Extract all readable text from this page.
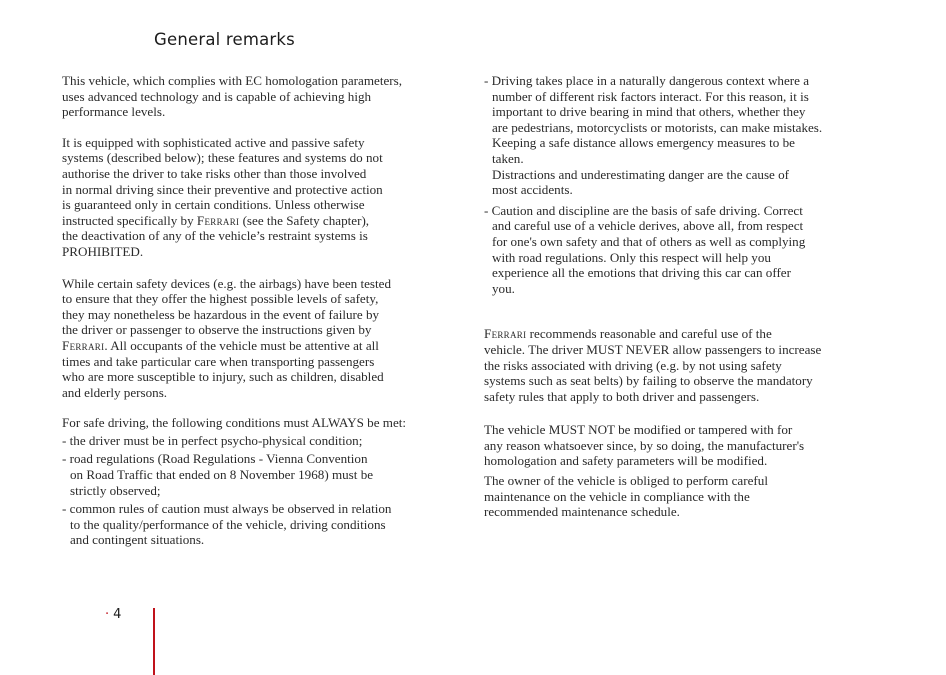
General remarks

This vehicle, which complies with EC homologation parameters,
uses advanced technology and is capable of achieving high
performance levels.

It is equipped with sophisticated active and passive safety
systems (described below); these features and systems do not
authorise the driver to take risks other than those involved
in normal driving since their preventive and protective action
is guaranteed only in certain conditions. Unless otherwise
instructed specifically by Ferrari (see the Safety chapter),
the deactivation of any of the vehicle’s restraint systems is
PROHIBITED.

While certain safety devices (e.g. the airbags) have been tested
to ensure that they offer the highest possible levels of safety,
they may nonetheless be hazardous in the event of failure by
the driver or passenger to observe the instructions given by
Ferrari. All occupants of the vehicle must be attentive at all
times and take particular care when transporting passengers
who are more susceptible to injury, such as children, disabled
and elderly persons.

For safe driving, the following conditions must ALWAYS be met:

- the driver must be in perfect psycho-physical condition;
- road regulations (Road Regulations - Vienna Convention
on Road Traffic that ended on 8 November 1968) must be
strictly observed;
- common rules of caution must always be observed in relation
to the quality/performance of the vehicle, driving conditions
and contingent situations.
- Driving takes place in a naturally dangerous context where a
number of different risk factors interact. For this reason, it is
important to drive bearing in mind that others, whether they
are pedestrians, motorcyclists or motorists, can make mistakes.
Keeping a safe distance allows emergency measures to be
taken.
Distractions and underestimating danger are the cause of
most accidents.
- Caution and discipline are the basis of safe driving. Correct
and careful use of a vehicle derives, above all, from respect
for one's own safety and that of others as well as complying
with road regulations. Only this respect will help you
experience all the emotions that driving this car can offer
you.

Ferrari recommends reasonable and careful use of the
vehicle. The driver MUST NEVER allow passengers to increase
the risks associated with driving (e.g. by not using safety
systems such as seat belts) by failing to observe the mandatory
safety rules that apply to both driver and passengers.

The vehicle MUST NOT be modified or tampered with for
any reason whatsoever since, by so doing, the manufacturer's
homologation and safety parameters will be modified.

The owner of the vehicle is obliged to perform careful
maintenance on the vehicle in compliance with the
recommended maintenance schedule.

· 4
